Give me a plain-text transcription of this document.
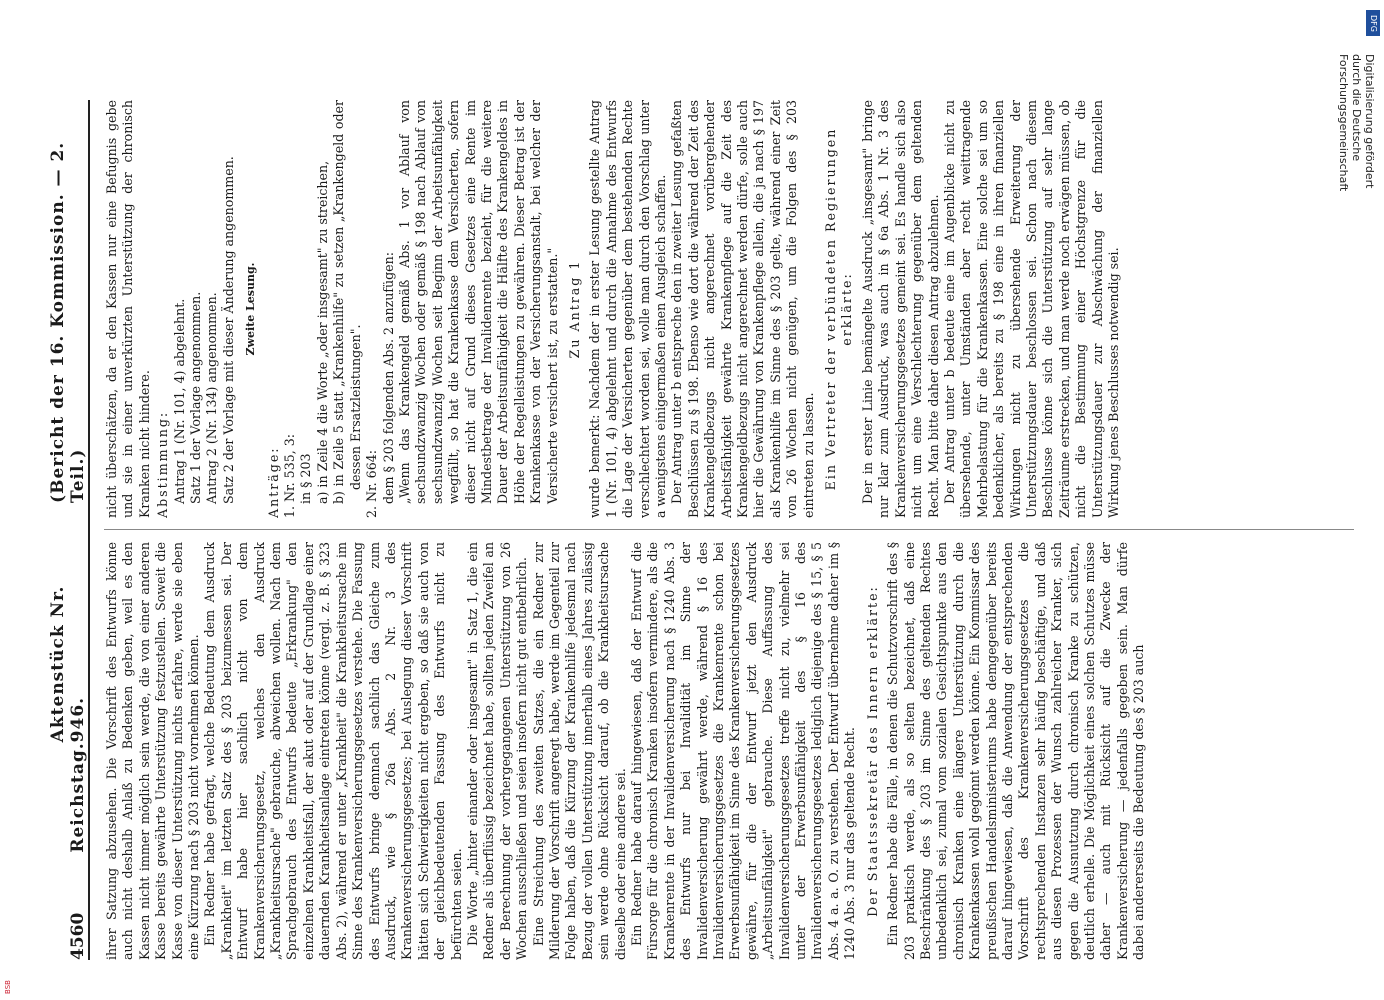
4560
Reichstag.
Aktenstück Nr. 946.
(Bericht der 16. Kommission. — 2. Teil.)

ihrer Satzung abzusehen. Die Vorschrift des Entwurfs könne auch nicht deshalb Anlaß zu Bedenken geben, weil es den Kassen nicht immer möglich sein werde, die von einer anderen Kasse bereits gewährte Unterstützung festzustellen. Soweit die Kasse von dieser Unterstützung nichts erfahre, werde sie eben eine Kürzung nach § 203 nicht vornehmen können. Ein Redner habe gefragt, welche Bedeutung dem Ausdruck „Krankheit" im letzten Satz des § 203 beizumessen sei. Der Entwurf habe hier sachlich nicht von dem Krankenversicherungsgesetz, welches den Ausdruck „Krankheitsursache" gebrauche, abweichen wollen. Nach dem Sprachgebrauch des Entwurfs bedeute „Erkrankung" den einzelnen Krankheitsfall, der akut oder auf der Grundlage einer dauernden Krankheitsanlage eintreten könne (vergl. z. B. § 323 Abs. 2), während er unter „Krankheit" die Krankheitsursache im Sinne des Krankenversicherungsgesetzes verstehe. Die Fassung des Entwurfs bringe demnach sachlich das Gleiche zum Ausdruck, wie § 26a Abs. 2 Nr. 3 des Krankenversicherungsgesetzes; bei Auslegung dieser Vorschrift hätten sich Schwierigkeiten nicht ergeben, so daß sie auch von der gleichbedeutenden Fassung des Entwurfs nicht zu befürchten seien. Die Worte „hinter einander oder insgesamt" in Satz 1, die ein Redner als überflüssig bezeichnet habe, sollten jeden Zweifel an der Berechnung der vorhergegangenen Unterstützung von 26 Wochen ausschließen und seien insofern nicht gut entbehrlich. Eine Streichung des zweiten Satzes, die ein Redner zur Milderung der Vorschrift angeregt habe, werde im Gegenteil zur Folge haben, daß die Kürzung der Krankenhilfe jedesmal nach Bezug der vollen Unterstützung innerhalb eines Jahres zulässig sein werde ohne Rücksicht darauf, ob die Krankheitsursache dieselbe oder eine andere sei. Ein Redner habe darauf hingewiesen, daß der Entwurf die Fürsorge für die chronisch Kranken insofern vermindere, als die Krankenrente in der Invalidenversicherung nach § 1240 Abs. 3 des Entwurfs nur bei Invalidität im Sinne der Invalidenversicherung gewährt werde, während § 16 des Invalidenversicherungsgesetzes die Krankenrente schon bei Erwerbsunfähigkeit im Sinne des Krankenversicherungsgesetzes gewähre, für die der Entwurf jetzt den Ausdruck „Arbeitsunfähigkeit" gebrauche. Diese Auffassung des Invalidenversicherungsgesetzes treffe nicht zu, vielmehr sei unter der Erwerbsunfähigkeit des § 16 des Invalidenversicherungsgesetzes lediglich diejenige des § 15, § 5 Abs. 4 a. a. O. zu verstehen. Der Entwurf übernehme daher im § 1240 Abs. 3 nur das geltende Recht. Der Staatssekretär des Innern erklärte: Ein Redner habe die Fälle, in denen die Schutzvorschrift des § 203 praktisch werde, als so selten bezeichnet, daß eine Beschränkung des § 203 im Sinne des geltenden Rechtes unbedenklich sei, zumal vom sozialen Gesichtspunkte aus den chronisch Kranken eine längere Unterstützung durch die Krankenkassen wohl gegönnt werden könne. Ein Kommissar des preußischen Handelsministeriums habe demgegenüber bereits darauf hingewiesen, daß die Anwendung der entsprechenden Vorschrift des Krankenversicherungsgesetzes die rechtsprechenden Instanzen sehr häufig beschäftige, und daß aus diesen Prozessen der Wunsch zahlreicher Kranker, sich gegen die Ausnutzung durch chronisch Kranke zu schützen, deutlich erhelle. Die Möglichkeit eines solchen Schutzes müsse daher — auch mit Rücksicht auf die Zwecke der Krankenversicherung — jedenfalls gegeben sein. Man dürfe dabei andererseits die Bedeutung des § 203 auch

nicht überschätzen, da er den Kassen nur eine Befugnis gebe und sie in einer unverkürzten Unterstützung der chronisch Kranken nicht hindere. Abstimmung: Antrag 1 (Nr. 101, 4) abgelehnt. Satz 1 der Vorlage angenommen. Antrag 2 (Nr. 134) angenommen. Satz 2 der Vorlage mit dieser Änderung angenommen. Zweite Lesung.

Anträge: 1. Nr. 535, 3: in § 203 a) in Zeile 4 die Worte „oder insgesamt" zu streichen, b) in Zeile 5 statt „Krankenhilfe" zu setzen „Krankengeld oder dessen Ersatzleistungen". 2. Nr. 664: dem § 203 folgenden Abs. 2 anzufügen: „Wenn das Krankengeld gemäß Abs. 1 vor Ablauf von sechsundzwanzig Wochen oder gemäß § 198 nach Ablauf von sechsundzwanzig Wochen seit Beginn der Arbeitsunfähigkeit wegfällt, so hat die Krankenkasse dem Versicherten, sofern dieser nicht auf Grund dieses Gesetzes eine Rente im Mindestbetrage der Invalidenrente bezieht, für die weitere Dauer der Arbeitsunfähigkeit die Hälfte des Krankengeldes in Höhe der Regelleistungen zu gewähren. Dieser Betrag ist der Krankenkasse von der Versicherungsanstalt, bei welcher der Versicherte versichert ist, zu erstatten." Zu Antrag 1 wurde bemerkt: Nachdem der in erster Lesung gestellte Antrag 1 (Nr. 101, 4) abgelehnt und durch die Annahme des Entwurfs die Lage der Versicherten gegenüber dem bestehenden Rechte verschlechtert worden sei, wolle man durch den Vorschlag unter a wenigstens einigermaßen einen Ausgleich schaffen. Der Antrag unter b entspreche den in zweiter Lesung gefaßten Beschlüssen zu § 198. Ebenso wie dort die während der Zeit des Krankengeldbezugs nicht angerechnet vorübergehender Arbeitsfähigkeit gewährte Krankenpflege auf die Zeit des Krankengeldbezugs nicht angerechnet werden dürfe, solle auch hier die Gewährung von Krankenpflege allein, die ja nach § 197 als Krankenhilfe im Sinne des § 203 gelte, während einer Zeit von 26 Wochen nicht genügen, um die Folgen des § 203 eintreten zu lassen. Ein Vertreter der verbündeten Regierungen erklärte: Der in erster Linie bemängelte Ausdruck „insgesamt" bringe nur klar zum Ausdruck, was auch in § 6a Abs. 1 Nr. 3 des Krankenversicherungsgesetzes gemeint sei. Es handle sich also nicht um eine Verschlechterung gegenüber dem geltenden Recht. Man bitte daher diesen Antrag abzulehnen. Der Antrag unter b bedeute eine im Augenblicke nicht zu übersehende, unter Umständen aber recht weittragende Mehrbelastung für die Krankenkassen. Eine solche sei um so bedenklicher, als bereits zu § 198 eine in ihren finanziellen Wirkungen nicht zu übersehende Erweiterung der Unterstützungsdauer beschlossen sei. Schon nach diesem Beschlusse könne sich die Unterstützung auf sehr lange Zeiträume erstrecken, und man werde noch erwägen müssen, ob nicht die Bestimmung einer Höchstgrenze für die Unterstützungsdauer zur Abschwächung der finanziellen Wirkung jenes Beschlusses notwendig sei.

DFG
Digitalisierung gefördert durch die Deutsche Forschungsgemeinschaft
BSB
